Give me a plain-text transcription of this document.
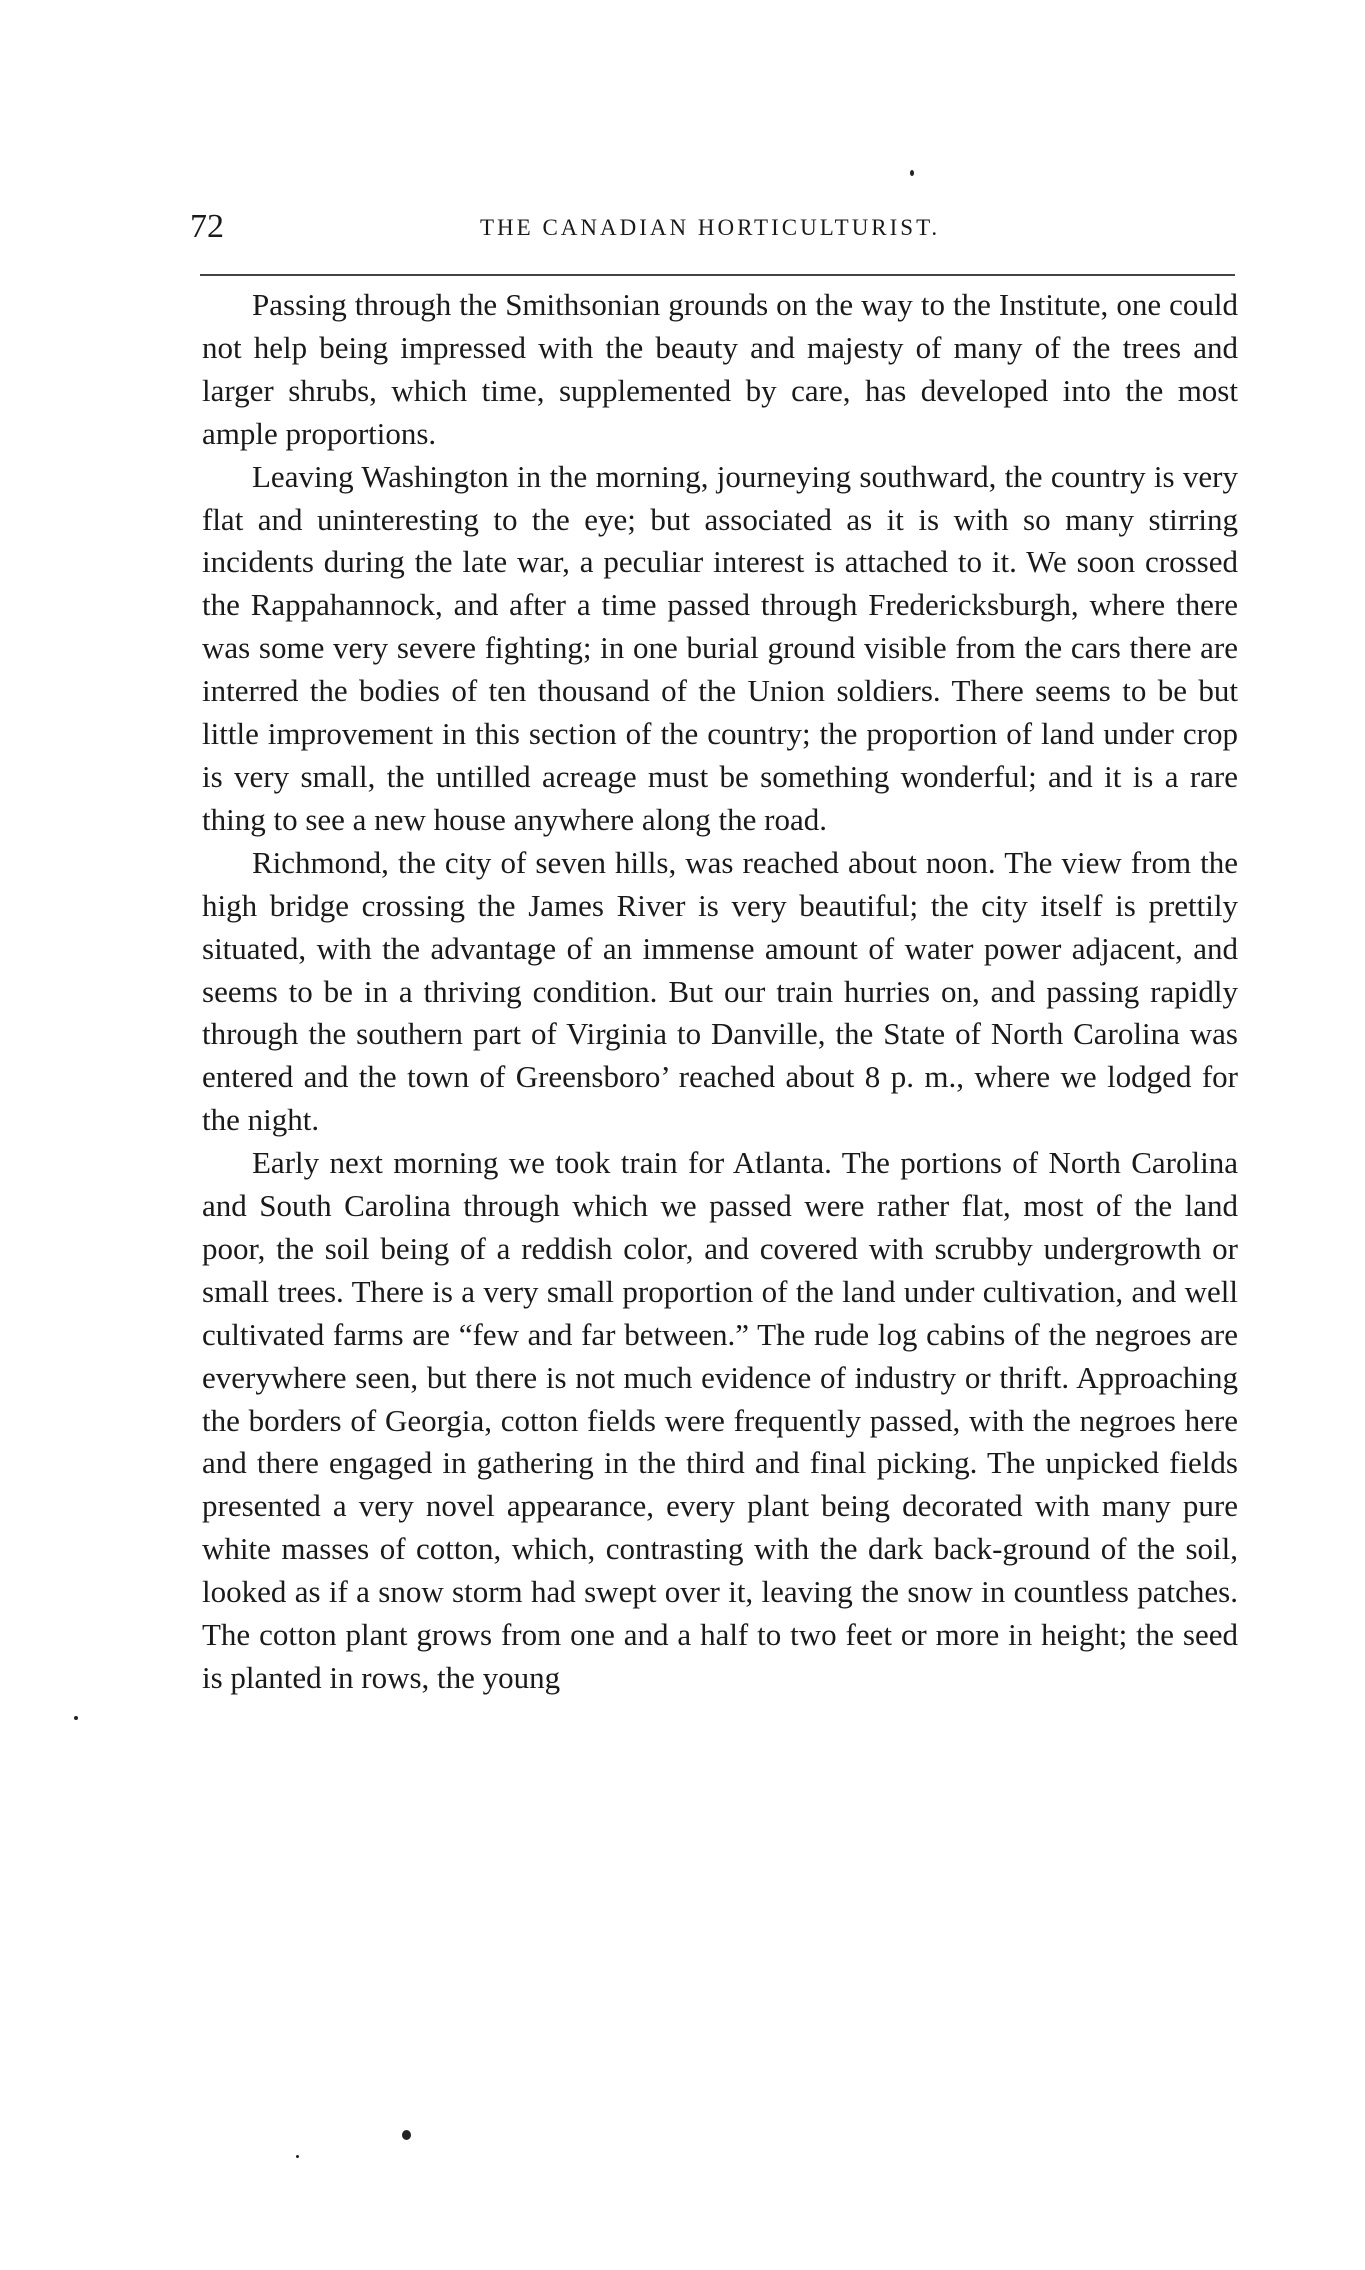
72	THE CANADIAN HORTICULTURIST.

Passing through the Smithsonian grounds on the way to the Institute, one could not help being impressed with the beauty and majesty of many of the trees and larger shrubs, which time, supplemented by care, has developed into the most ample proportions.

Leaving Washington in the morning, journeying southward, the country is very flat and uninteresting to the eye; but associated as it is with so many stirring incidents during the late war, a peculiar interest is attached to it. We soon crossed the Rappahannock, and after a time passed through Fredericksburgh, where there was some very severe fighting; in one burial ground visible from the cars there are interred the bodies of ten thousand of the Union soldiers. There seems to be but little improvement in this section of the country; the proportion of land under crop is very small, the untilled acreage must be something wonderful; and it is a rare thing to see a new house anywhere along the road.

Richmond, the city of seven hills, was reached about noon. The view from the high bridge crossing the James River is very beautiful; the city itself is prettily situated, with the advantage of an immense amount of water power adjacent, and seems to be in a thriving condition. But our train hurries on, and passing rapidly through the southern part of Virginia to Danville, the State of North Carolina was entered and the town of Greensboro’ reached about 8 p. m., where we lodged for the night.

Early next morning we took train for Atlanta. The portions of North Carolina and South Carolina through which we passed were rather flat, most of the land poor, the soil being of a reddish color, and covered with scrubby undergrowth or small trees. There is a very small proportion of the land under cultivation, and well cultivated farms are “few and far between.” The rude log cabins of the negroes are everywhere seen, but there is not much evidence of industry or thrift. Approaching the borders of Georgia, cotton fields were frequently passed, with the negroes here and there engaged in gathering in the third and final picking. The unpicked fields presented a very novel appearance, every plant being decorated with many pure white masses of cotton, which, contrasting with the dark back-ground of the soil, looked as if a snow storm had swept over it, leaving the snow in countless patches. The cotton plant grows from one and a half to two feet or more in height; the seed is planted in rows, the young
